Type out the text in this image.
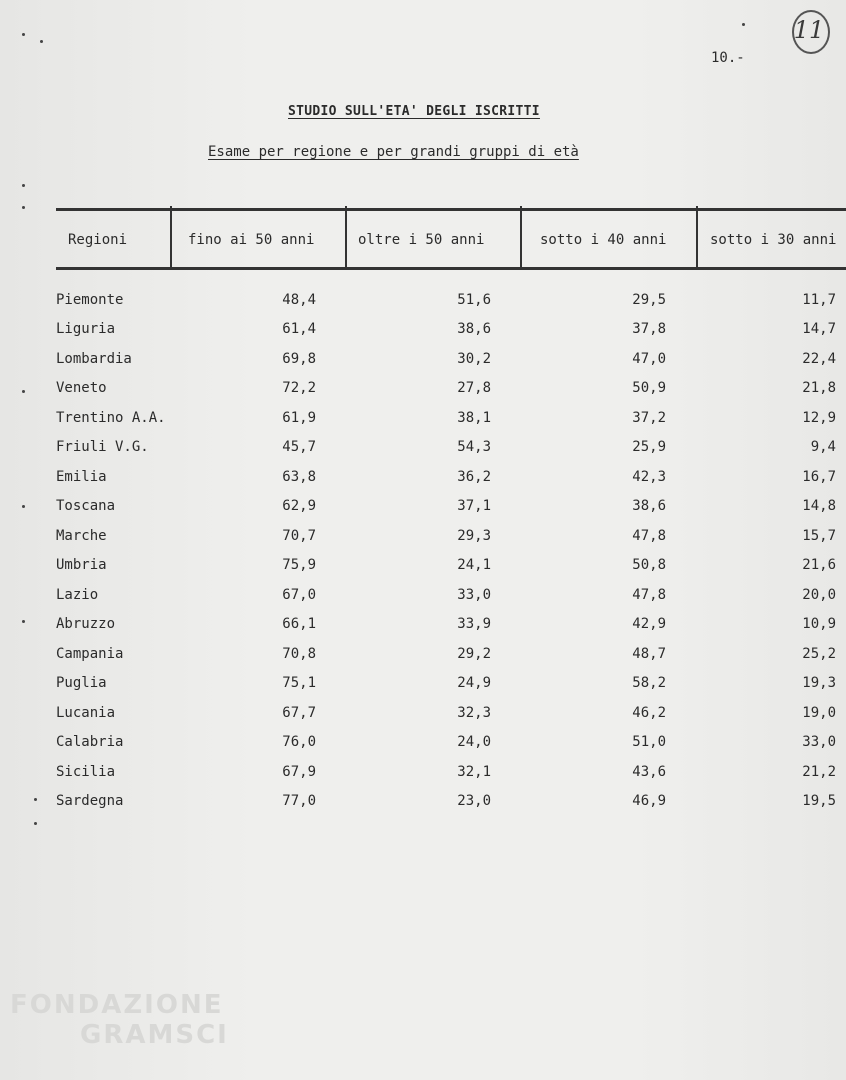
11
10.-
STUDIO SULL'ETA' DEGLI ISCRITTI
Esame per regione e per grandi gruppi di età
Regioni	fino ai 50 anni	oltre i 50 anni	sotto i 40 anni	sotto i 30 anni
Piemonte	48,4	51,6	29,5	11,7
Liguria	61,4	38,6	37,8	14,7
Lombardia	69,8	30,2	47,0	22,4
Veneto	72,2	27,8	50,9	21,8
Trentino A.A.	61,9	38,1	37,2	12,9
Friuli V.G.	45,7	54,3	25,9	9,4
Emilia	63,8	36,2	42,3	16,7
Toscana	62,9	37,1	38,6	14,8
Marche	70,7	29,3	47,8	15,7
Umbria	75,9	24,1	50,8	21,6
Lazio	67,0	33,0	47,8	20,0
Abruzzo	66,1	33,9	42,9	10,9
Campania	70,8	29,2	48,7	25,2
Puglia	75,1	24,9	58,2	19,3
Lucania	67,7	32,3	46,2	19,0
Calabria	76,0	24,0	51,0	33,0
Sicilia	67,9	32,1	43,6	21,2
Sardegna	77,0	23,0	46,9	19,5
FONDAZIONE
GRAMSCI
